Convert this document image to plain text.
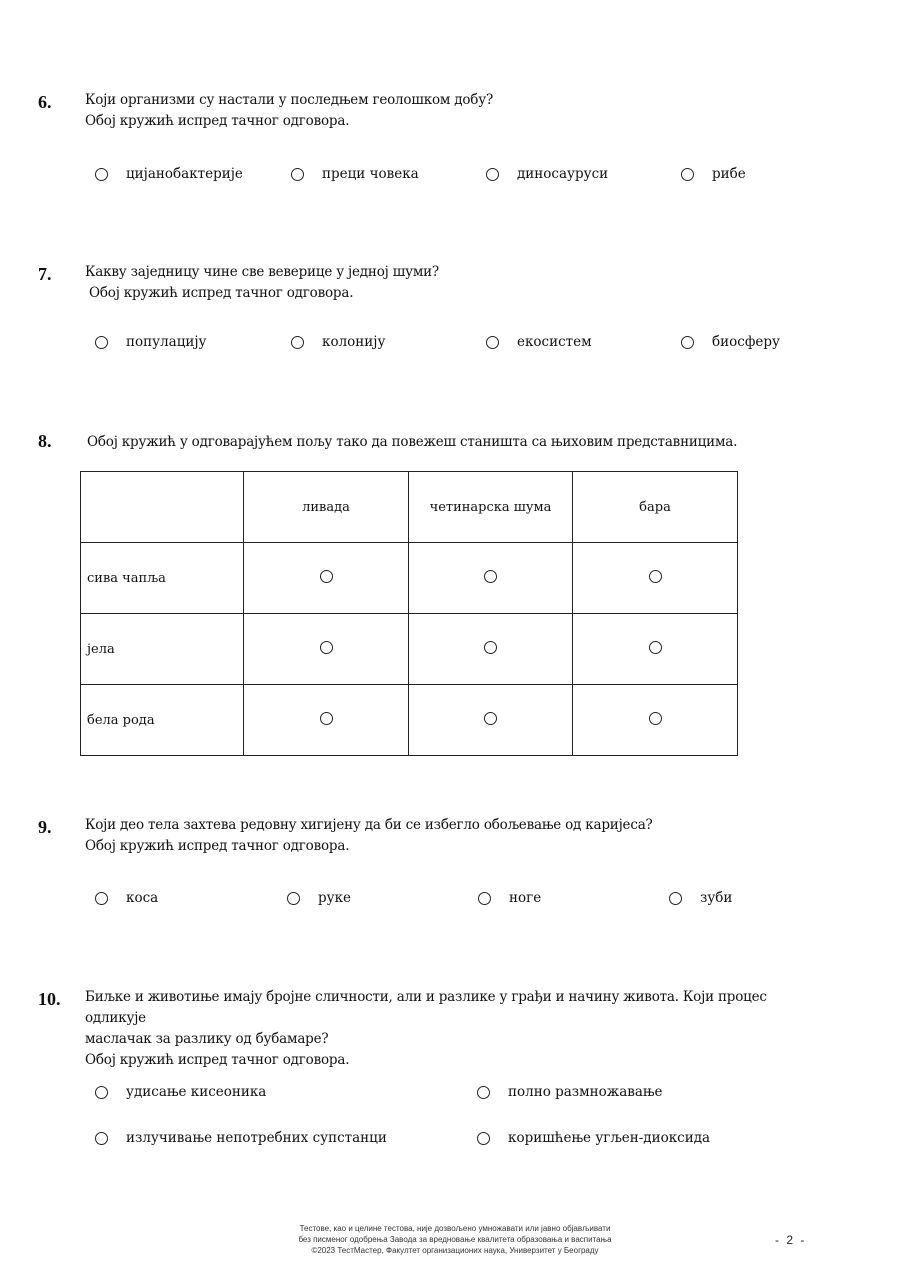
6. Који организми су настали у последњем геолошком добу?
Обој кружић испред тачног одговора.
цијанобактерије	преци човека	диносауруси	рибе
7. Какву заједницу чине све веверице у једној шуми?
Обој кружић испред тачног одговора.
популацију	колонију	екосистем	биосферу
8.	Обој кружић у одговарајућем пољу тако да повежеш станишта са њиховим представницима.
	ливада	четинарска шума	бара
сива чапља			
јела			
бела рода			
9. Који део тела захтева редовну хигијену да би се избегло обољевање од каријеса?
Обој кружић испред тачног одговора.
коса	руке	ноге	зуби
10. Биљке и животиње имају бројне сличности, али и разлике у грађи и начину живота. Који процес одликује
маслачак за разлику од бубамаре?
Обој кружић испред тачног одговора.
удисање кисеоника	полно размножавање
излучивање непотребних супстанци	коришћење угљен-диоксида
Тестове, као и целине тестова, није дозвољено умножавати или јавно објављивати
без писменог одобрења Завода за вредновање квалитета образовања и васпитања
©2023 ТестМастер, Факултет организационих наука, Универзитет у Београду
- 2 -
